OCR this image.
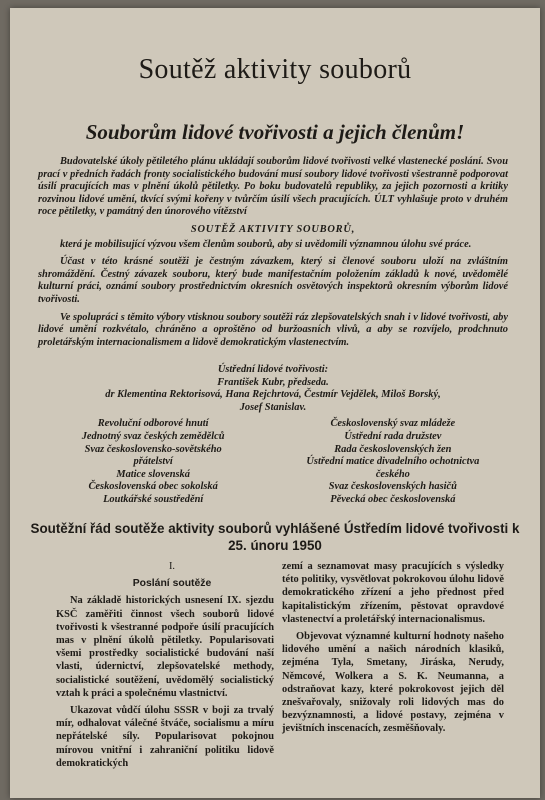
Soutěž aktivity souborů
Souborům lidové tvořivosti a jejich členům!

Budovatelské úkoly pětiletého plánu ukládají souborům lidové tvořivosti velké vlastenecké poslání. Svou prací v předních řadách fronty socialistického budování musí soubory lidové tvořivosti všestranně podporovat úsilí pracujících mas v plnění úkolů pětiletky. Po boku budovatelů republiky, za jejich pozornosti a kritiky rozvinou lidové umění, tkvící svými kořeny v tvůrčím úsilí všech pracujících. ÚLT vyhlašuje proto v druhém roce pětiletky, v památný den únorového vítězství

SOUTĚŽ AKTIVITY SOUBORŮ,

která je mobilisující výzvou všem členům souborů, aby si uvědomili významnou úlohu své práce.

Účast v této krásné soutěži je čestným závazkem, který si členové souboru uloží na zvláštním shromáždění. Čestný závazek souboru, který bude manifestačním položením základů k nové, uvědomělé kulturní práci, oznámí soubory prostřednictvím okresních osvětových inspektorů okresním výborům lidové tvořivosti.

Ve spolupráci s těmito výbory vtisknou soubory soutěži ráz zlepšovatelských snah i v lidové tvořivosti, aby lidové umění rozkvétalo, chráněno a oproštěno od buržoasních vlivů, a aby se rozvíjelo, prodchnuto proletářským internacionalismem a lidově demokratickým vlastenectvím.

Ústřední lidové tvořivosti:

František Kubr, předseda.

dr Klementina Rektorisová, Hana Rejchrtová, Čestmír Vejdělek, Miloš Borský,

Josef Stanislav.

Revoluční odborové hnutí
Jednotný svaz českých zemědělců
Svaz československo-sovětského
přátelství
Matice slovenská
Československá obec sokolská
Loutkářské soustředění
Československý svaz mládeže
Ústřední rada družstev
Rada československých žen
Ústřední matice divadelního ochotnictva
českého
Svaz československých hasičů
Pěvecká obec československá
Soutěžní řád soutěže aktivity souborů vyhlášené Ústředím lidové tvořivosti k 25. únoru 1950

I.

Poslání soutěže

Na základě historických usnesení IX. sjezdu KSČ zaměřiti činnost všech souborů lidové tvořivosti k všestranné podpoře úsilí pracujících mas v plnění úkolů pětiletky. Popularisovati všemi prostředky socialistické budování naší vlasti, údernictví, zlepšovatelské methody, socialistické soutěžení, uvědomělý socialistický vztah k práci a společnému vlastnictví.

Ukazovat vůdčí úlohu SSSR v boji za trvalý mír, odhalovat válečné štváče, socialismu a míru nepřátelské síly. Popularisovat pokojnou mírovou vnitřní i zahraniční politiku lidově demokratických

zemí a seznamovat masy pracujících s výsledky této politiky, vysvětlovat pokrokovou úlohu lidově demokratického zřízení a jeho přednost před kapitalistickým zřízením, pěstovat opravdové vlastenectví a proletářský internacionalismus.

Objevovat významné kulturní hodnoty našeho lidového umění a našich národních klasiků, zejména Tyla, Smetany, Jiráska, Nerudy, Němcové, Wolkera a S. K. Neumanna, a odstraňovat kazy, které pokrokovost jejich děl znešvařovaly, snižovaly roli lidových mas do bezvýznamnosti, a lidové postavy, zejména v jevištních inscenacích, zesměšňovaly.
